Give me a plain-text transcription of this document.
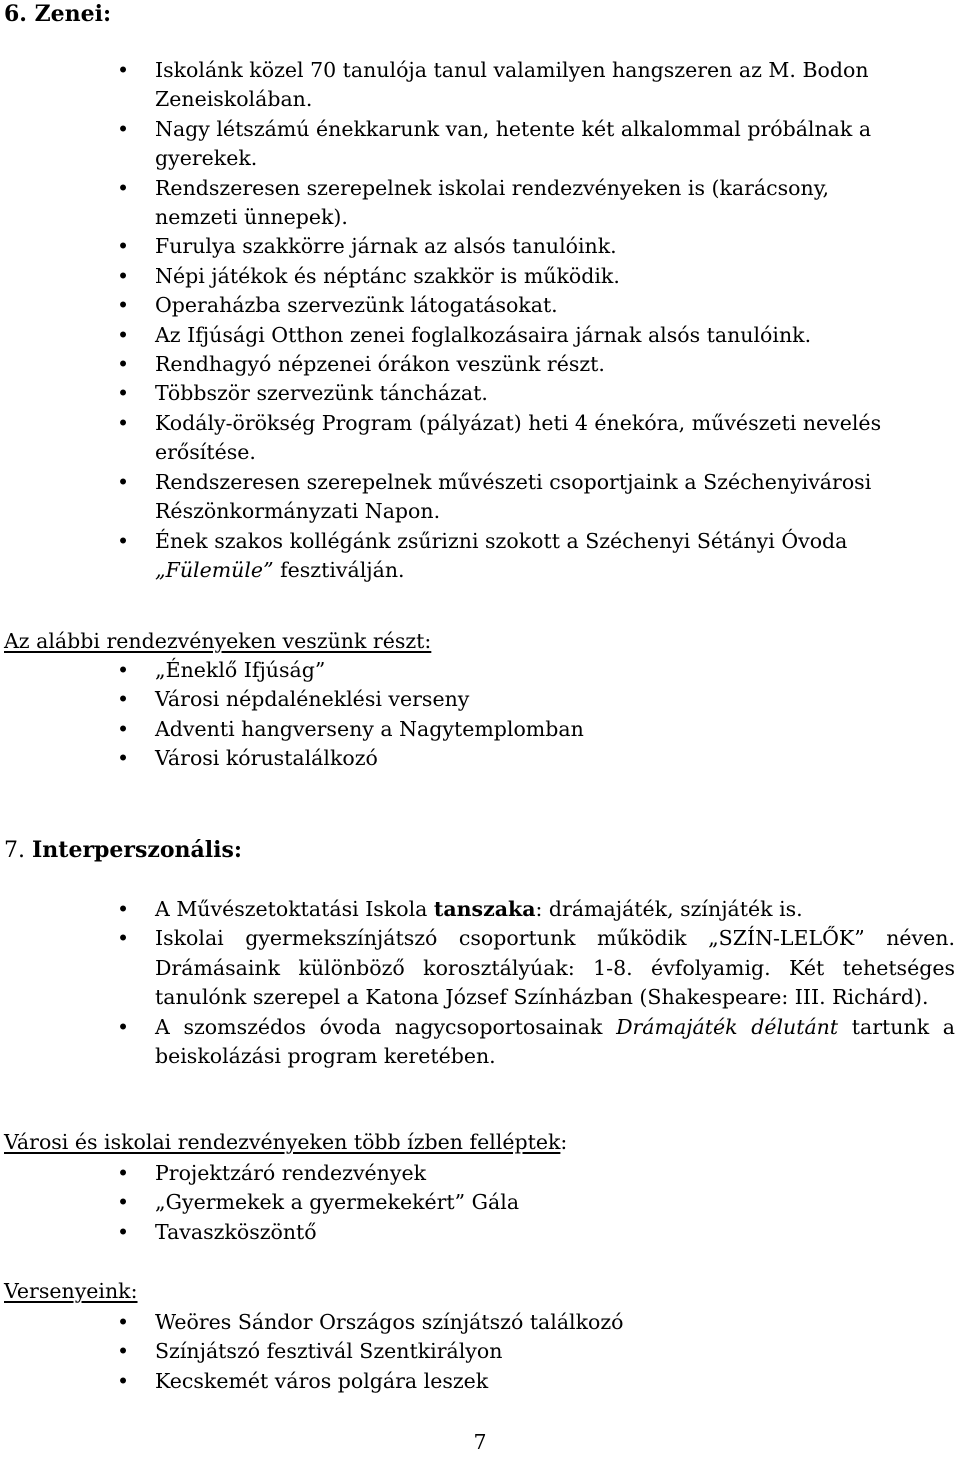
6. Zenei:
• Iskolánk közel 70 tanulója tanul valamilyen hangszeren az M. Bodon Zeneiskolában.
• Nagy létszámú énekkarunk van, hetente két alkalommal próbálnak a gyerekek.
• Rendszeresen szerepelnek iskolai rendezvényeken is (karácsony, nemzeti ünnepek).
• Furulya szakkörre járnak az alsós tanulóink.
• Népi játékok és néptánc szakkör is működik.
• Operaházba szervezünk látogatásokat.
• Az Ifjúsági Otthon zenei foglalkozásaira járnak alsós tanulóink.
• Rendhagyó népzenei órákon veszünk részt.
• Többször szervezünk táncházat.
• Kodály-örökség Program (pályázat) heti 4 énekóra, művészeti nevelés erősítése.
• Rendszeresen szerepelnek művészeti csoportjaink a Széchenyivárosi Részönkormányzati Napon.
• Ének szakos kollégánk zsűrizni szokott a Széchenyi Sétányi Óvoda „Fülemüle” fesztiválján.
Az alábbi rendezvényeken veszünk részt:
• „Éneklő Ifjúság”
• Városi népdaléneklési verseny
• Adventi hangverseny a Nagytemplomban
• Városi kórustalálkozó
7. Interperszonális:
• A Művészetoktatási Iskola tanszaka: drámajáték, színjáték is.
• Iskolai gyermekszínjátszó csoportunk működik „SZÍN-LELŐK” néven. Drámásaink különböző korosztályúak: 1-8. évfolyamig. Két tehetséges tanulónk szerepel a Katona József Színházban (Shakespeare: III. Richárd).
• A szomszédos óvoda nagycsoportosainak Drámajáték délutánt tartunk a beiskolázási program keretében.
Városi és iskolai rendezvényeken több ízben felléptek:
• Projektzáró rendezvények
• „Gyermekek a gyermekekért” Gála
• Tavaszköszöntő
Versenyeink:
• Weöres Sándor Országos színjátszó találkozó
• Színjátszó fesztivál Szentkirályon
• Kecskemét város polgára leszek
7
